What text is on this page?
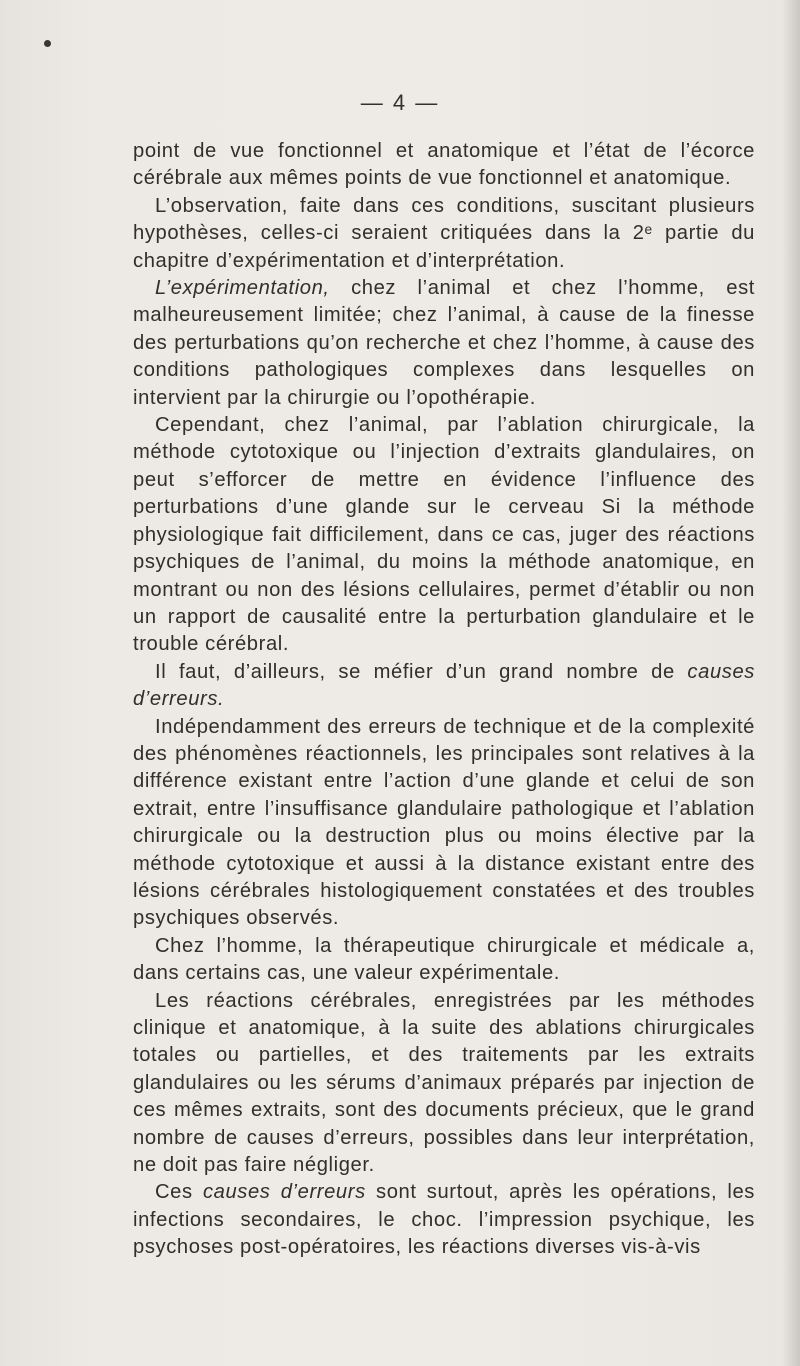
— 4 —

point de vue fonctionnel et anatomique et l’état de l’écorce cérébrale aux mêmes points de vue fonctionnel et anatomique.

L’observation, faite dans ces conditions, suscitant plusieurs hypothèses, celles-ci seraient critiquées dans la 2ᵉ partie du chapitre d’expérimentation et d’interprétation.

L’expérimentation, chez l’animal et chez l’homme, est malheureusement limitée; chez l’animal, à cause de la finesse des perturbations qu’on recherche et chez l’homme, à cause des conditions pathologiques complexes dans lesquelles on intervient par la chirurgie ou l’opothérapie.

Cependant, chez l’animal, par l’ablation chirurgicale, la méthode cytotoxique ou l’injection d’extraits glandulaires, on peut s’efforcer de mettre en évidence l’influence des perturbations d’une glande sur le cerveau Si la méthode physiologique fait difficilement, dans ce cas, juger des réactions psychiques de l’animal, du moins la méthode anatomique, en montrant ou non des lésions cellulaires, permet d’établir ou non un rapport de causalité entre la perturbation glandulaire et le trouble cérébral.

Il faut, d’ailleurs, se méfier d’un grand nombre de causes d’erreurs.

Indépendamment des erreurs de technique et de la complexité des phénomènes réactionnels, les principales sont relatives à la différence existant entre l’action d’une glande et celui de son extrait, entre l’insuffisance glandulaire pathologique et l’ablation chirurgicale ou la destruction plus ou moins élective par la méthode cytotoxique et aussi à la distance existant entre des lésions cérébrales histologiquement constatées et des troubles psychiques observés.

Chez l’homme, la thérapeutique chirurgicale et médicale a, dans certains cas, une valeur expérimentale.

Les réactions cérébrales, enregistrées par les méthodes clinique et anatomique, à la suite des ablations chirurgicales totales ou partielles, et des traitements par les extraits glandulaires ou les sérums d’animaux préparés par injection de ces mêmes extraits, sont des documents précieux, que le grand nombre de causes d’erreurs, possibles dans leur interprétation, ne doit pas faire négliger.

Ces causes d’erreurs sont surtout, après les opérations, les infections secondaires, le choc. l’impression psychique, les psychoses post-opératoires, les réactions diverses vis-à-vis
